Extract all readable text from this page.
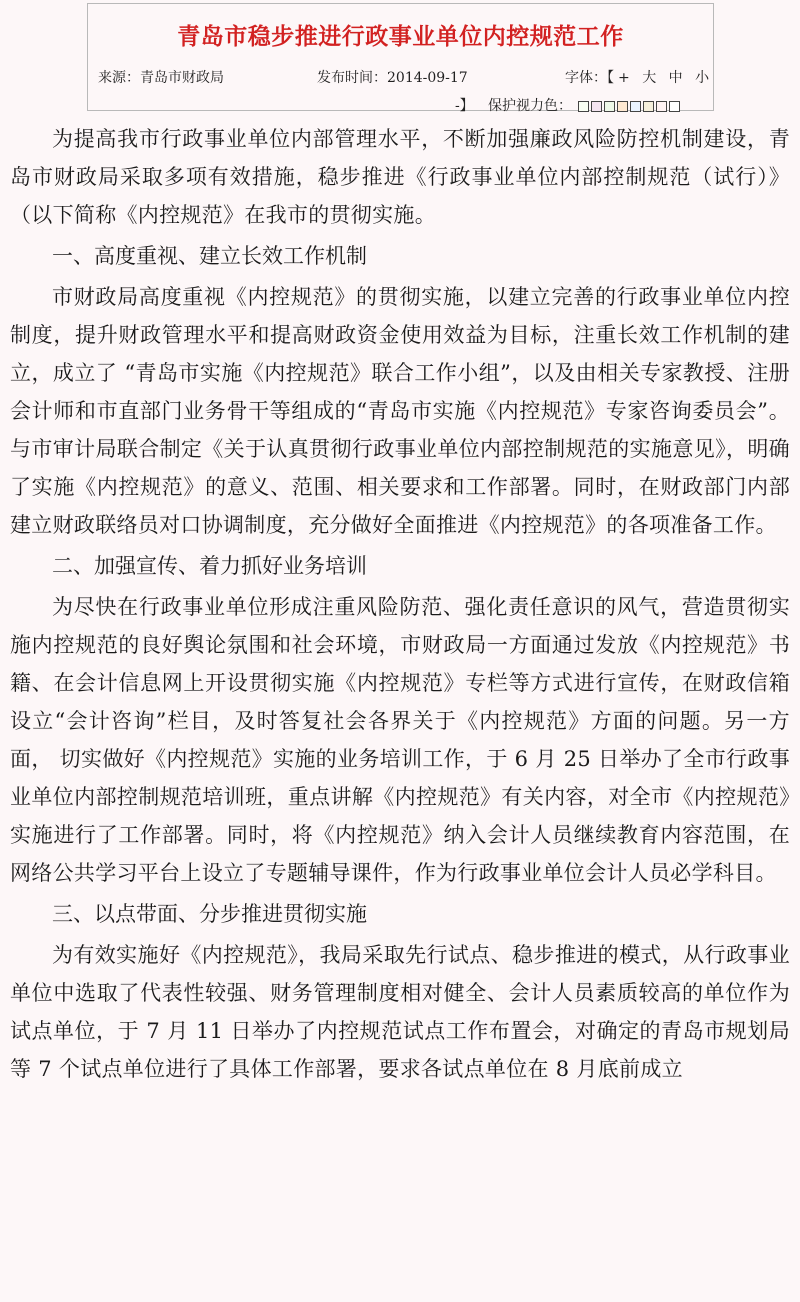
青岛市稳步推进行政事业单位内控规范工作
来源：青岛市财政局	发布时间：2014-09-17	字体：【+ 大 中 小
-】 保护视力色：

为提高我市行政事业单位内部管理水平，不断加强廉政风险防控机制建设，青岛市财政局采取多项有效措施，稳步推进《行政事业单位内部控制规范（试行）》（以下简称《内控规范》在我市的贯彻实施。

一、高度重视、建立长效工作机制

市财政局高度重视《内控规范》的贯彻实施，以建立完善的行政事业单位内控制度，提升财政管理水平和提高财政资金使用效益为目标，注重长效工作机制的建立，成立了 “青岛市实施《内控规范》联合工作小组”，以及由相关专家教授、注册会计师和市直部门业务骨干等组成的“青岛市实施《内控规范》专家咨询委员会”。与市审计局联合制定《关于认真贯彻行政事业单位内部控制规范的实施意见》，明确了实施《内控规范》的意义、范围、相关要求和工作部署。同时，在财政部门内部建立财政联络员对口协调制度，充分做好全面推进《内控规范》的各项准备工作。

二、加强宣传、着力抓好业务培训

为尽快在行政事业单位形成注重风险防范、强化责任意识的风气，营造贯彻实施内控规范的良好舆论氛围和社会环境，市财政局一方面通过发放《内控规范》书籍、在会计信息网上开设贯彻实施《内控规范》专栏等方式进行宣传，在财政信箱设立“会计咨询”栏目，及时答复社会各界关于《内控规范》方面的问题。另一方面， 切实做好《内控规范》实施的业务培训工作，于 6 月 25 日举办了全市行政事业单位内部控制规范培训班，重点讲解《内控规范》有关内容，对全市《内控规范》实施进行了工作部署。同时，将《内控规范》纳入会计人员继续教育内容范围，在网络公共学习平台上设立了专题辅导课件，作为行政事业单位会计人员必学科目。

三、以点带面、分步推进贯彻实施

为有效实施好《内控规范》，我局采取先行试点、稳步推进的模式，从行政事业单位中选取了代表性较强、财务管理制度相对健全、会计人员素质较高的单位作为试点单位，于 7 月 11 日举办了内控规范试点工作布置会，对确定的青岛市规划局等 7 个试点单位进行了具体工作部署，要求各试点单位在 8 月底前成立
